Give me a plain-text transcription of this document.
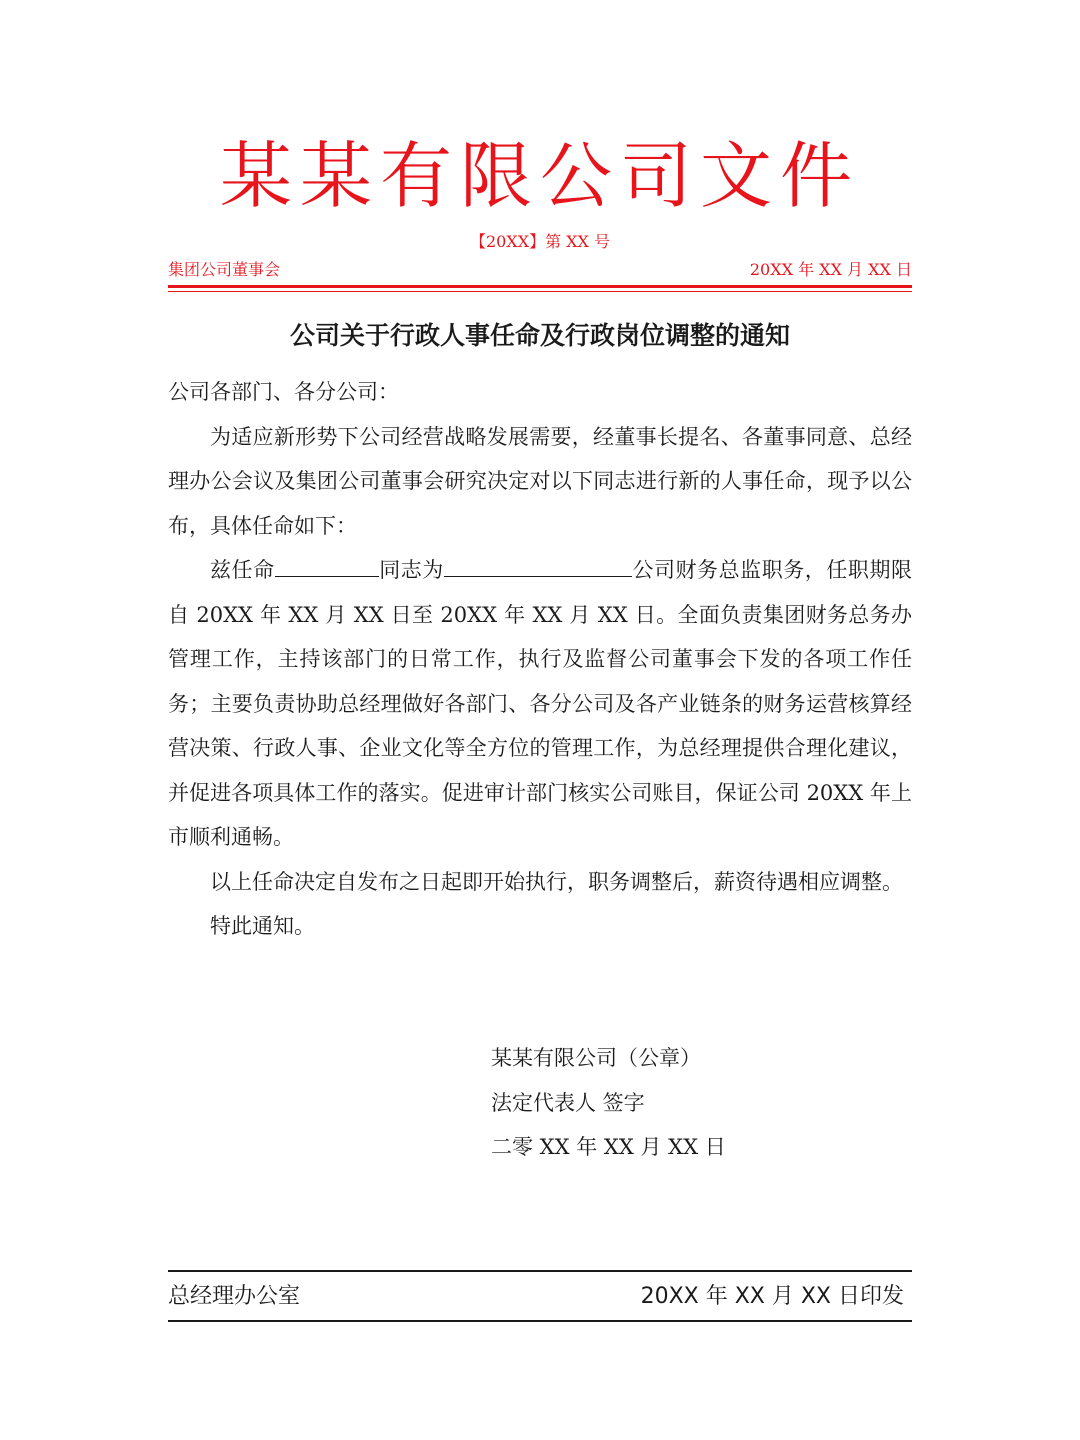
某某有限公司文件
【20XX】第 XX 号
集团公司董事会	20XX 年 XX 月 XX 日
公司关于行政人事任命及行政岗位调整的通知

公司各部门、各分公司：

为适应新形势下公司经营战略发展需要，经董事长提名、各董事同意、总经理办公会议及集团公司董事会研究决定对以下同志进行新的人事任命，现予以公布，具体任命如下：

兹任命	同志为	公司财务总监职务，任职期限自 20XX 年 XX 月 XX 日至 20XX 年 XX 月 XX 日。全面负责集团财务总务办管理工作，主持该部门的日常工作，执行及监督公司董事会下发的各项工作任务；主要负责协助总经理做好各部门、各分公司及各产业链条的财务运营核算经营决策、行政人事、企业文化等全方位的管理工作，为总经理提供合理化建议，并促进各项具体工作的落实。促进审计部门核实公司账目，保证公司 20XX 年上市顺利通畅。

以上任命决定自发布之日起即开始执行，职务调整后，薪资待遇相应调整。

特此通知。

某某有限公司（公章）
法定代表人 签字
二零 XX 年 XX 月 XX 日
总经理办公室	20XX 年 XX 月 XX 日印发
